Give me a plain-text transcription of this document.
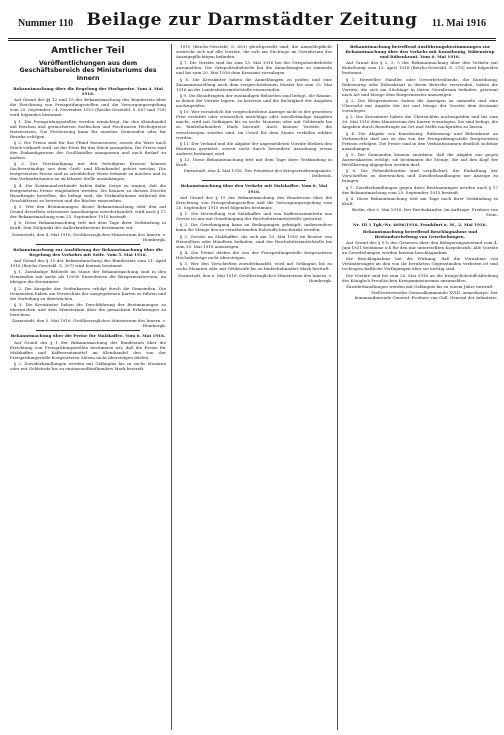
Nummer 110 Beilage zur Darmstädter Zeitung	11. Mai 1916
Amtlicher Teil
Veröffentlichungen aus dem Geschäftsbereich des Ministeriums des Innern

Bekanntmachung über die Regelung der Fischpreise. Vom 4. Mai 1916.

Auf Grund der §§ 12 und 15 der Bekanntmachung des Bundesrats über die Errichtung von Preisprüfungsstellen und die Versorgungsregelung vom 25. September / 4. November 1915 (Reichs-Gesetzbl. S. 607 und 728) wird folgendes bestimmt:

§ 1. Die Preisprüfungsstellen werden ermächtigt, für den Kleinhandel mit frischen und geräucherten Seefischen und Fischwaren Höchstpreise festzusetzen. Die Festsetzung kann für einzelne Gemeinden oder für Bezirke erfolgen.

§ 2. Die Preise sind für das Pfund festzusetzen; soweit die Ware nach Stück verkauft wird, ist der Preis für das Stück anzugeben. Die Preise sind den Einkaufspreisen der Großhändler anzupassen und nach Bedarf zu ändern.

§ 3. Zur Verständigung mit den beteiligten Kreisen können Sachverständige aus dem Groß- und Kleinhandel gehört werden. Die festgesetzten Preise sind in ortsüblicher Weise bekannt zu machen und in den Verkaufsräumen an sichtbarer Stelle auszuhängen.

§ 4. Die Kommunalverbände haben dafür Sorge zu tragen, daß die festgesetzten Preise eingehalten werden. Sie können zu diesem Zwecke Beauftragte bestellen, die befugt sind, die Verkaufsräume während der Geschäftszeit zu betreten und die Bücher einzusehen.

§ 5. Wer den Bestimmungen dieser Bekanntmachung oder den auf Grund derselben erlassenen Anordnungen zuwiderhandelt, wird nach § 17 der Bekanntmachung vom 25. September 1915 bestraft.

§ 6. Diese Bekanntmachung tritt mit dem Tage ihrer Verkündung in Kraft. Den Zeitpunkt des Außerkrafttretens bestimmen wir.

Darmstadt, den 4. Mai 1916. Großherzogliches Ministerium des Innern. v. Hombergk.

Bekanntmachung zur Ausführung der Bekanntmachung über die Regelung des Verkehrs mit Seife. Vom 5. Mai 1916.

Auf Grund des § 15 der Bekanntmachung des Bundesrats vom 21. April 1916 (Reichs-Gesetzbl. S. 307) wird hiermit bestimmt:

§ 1. Zuständige Behörde im Sinne der Bekanntmachung sind in den Gemeinden mit mehr als 10000 Einwohnern die Bürgermeistereien, im übrigen die Kreisämter.

§ 2. Die Ausgabe der Seifenkarten erfolgt durch die Gemeinden. Die Gemeinden haben ein Verzeichnis der ausgegebenen Karten zu führen und die Verteilung zu überwachen.

§ 3. Die Kreisämter haben die Durchführung der Bestimmungen zu überwachen und dem Ministerium über die gemachten Erfahrungen zu berichten.

Darmstadt, den 5. Mai 1916. Großherzogliches Ministerium des Innern. v. Hombergk.

Bekanntmachung über die Preise für Malzkaffee. Vom 6. Mai 1916.

Auf Grund des § 1 der Bekanntmachung des Bundesrats über die Errichtung von Preisprüfungsstellen bestimmen wir, daß die Preise für Malzkaffee und Kaffeersatzmittel im Kleinhandel den von der Preisprüfungsstelle festgesetzten Sätzen nicht übersteigen dürfen.

§ 2. Zuwiderhandlungen werden mit Gefängnis bis zu sechs Monaten oder mit Geldstrafe bis zu eintausendfünfhundert Mark bestraft.

1915 (Reichs-Gesetzbl. S. 603) gleichgestellt sind; die Anmeldepflicht erstreckt sich auf alle Vorräte, die sich am Stichtage im Gewahrsam des Anzeigepflichtigen befinden.

§ 7. Die Vorräte sind bis zum 15. Mai 1916 bei der Ortspolizeibehörde anzumelden. Die Ortspolizeibehörde hat die Anmeldungen zu sammeln und bis zum 20. Mai 1916 dem Kreisamt vorzulegen.

§ 8. Die Kreisämter haben die Anmeldungen zu prüfen und eine Zusammenstellung nach dem vorgeschriebenen Muster bis zum 25. Mai 1916 an die Landesfuttermittelstelle einzusenden.

§ 9. Die Beauftragten der zuständigen Behörden sind befugt, die Räume, in denen die Vorräte lagern, zu betreten und die Richtigkeit der Angaben nachzuprüfen.

§ 10. Wer vorsätzlich die vorgeschriebene Anzeige nicht in der gesetzten Frist erstattet oder wissentlich unrichtige oder unvollständige Angaben macht, wird mit Gefängnis bis zu sechs Monaten oder mit Geldstrafe bis zu fünfzehnhundert Mark bestraft. Auch können Vorräte, die verschwiegen worden sind, im Urteil für dem Staate verfallen erklärt werden.

§ 11. Der Verkauf und die Abgabe der angemeldeten Vorräte bleiben den Besitzern gestattet, soweit nicht durch besondere Anordnung etwas anderes bestimmt wird.

§ 12. Diese Bekanntmachung tritt mit dem Tage ihrer Verkündung in Kraft.

Darmstadt, den 4. Mai 1916. Der Präsident des Kriegsernährungsamts. Delbrück.

Bekanntmachung über den Verkehr mit Malzkaffee. Vom 6. Mai 1916.

Auf Grund des § 15 der Bekanntmachung des Bundesrats über die Errichtung von Preisprüfungsstellen und die Versorgungsregelung vom 25. September 1915 wird folgendes bestimmt:

§ 1. Die Herstellung von Malzkaffee und von Kaffeersatzmitteln aus Gerste ist nur mit Genehmigung der Reichsfuttermittelstelle gestattet.

§ 2. Die Genehmigung kann an Bedingungen geknüpft, insbesondere kann die Menge des zu verarbeitenden Rohstoffs beschränkt werden.

§ 3. Vorräte an Malzkaffee, die sich am 15. Mai 1916 im Besitze von Herstellern oder Händlern befinden, sind der Reichsfuttermittelstelle bis zum 20. Mai 1916 anzuzeigen.

§ 4. Die Preise dürfen die von der Preisprüfungsstelle festgesetzten Höchstbeträge nicht übersteigen.

§ 5. Wer den Vorschriften zuwiderhandelt, wird mit Gefängnis bis zu sechs Monaten oder mit Geldstrafe bis zu fünfzehnhundert Mark bestraft.

Darmstadt, den 6. Mai 1916. Großherzogliches Ministerium des Innern. v. Hombergk.

Bekanntmachung betreffend Ausführungsbestimmungen zur Bekanntmachung über den Verkehr mit Kunsthonig, Rübensirup und Rübenkraut. Vom 6. Mai 1916.

Auf Grund des § 2, 3, 5 der Bekanntmachung über den Verkehr mit Kunsthonig vom 13. April 1916 (Reichs-Gesetzbl. S. 270) wird folgendes bestimmt:

§ 1. Hersteller, Händler oder Gewerbetreibende, die Kunsthonig, Rübensirup oder Rübenkraut in ihrem Betriebe verwenden, haben die Vorräte, die sich am Stichtage in ihrem Gewahrsam befinden, getrennt nach Art und Menge dem Bürgermeister anzuzeigen.

§ 2. Die Bürgermeister haben die Anzeigen zu sammeln und eine Übersicht mit Angabe der Art und Menge der Vorräte dem Kreisamt vorzulegen.

§ 3. Die Kreisämter haben die Übersichten nachzuprüfen und bis zum 30. Mai 1916 dem Ministerium des Innern vorzulegen. Sie sind befugt, die Angaben durch Beauftragte an Ort und Stelle nachprüfen zu lassen.

§ 4. Die Abgabe von Kunsthonig, Rübensirup und Rübenkraut an Verbraucher darf nur zu den von der Preisprüfungsstelle festgesetzten Preisen erfolgen. Die Preise sind in den Verkaufsräumen deutlich sichtbar auszuhängen.

§ 5. Die Gemeinden können anordnen, daß die Abgabe nur gegen Ausweiskarten erfolgt; sie bestimmen die Menge, die auf den Kopf der Bevölkerung abgegeben werden darf.

§ 6. Die Polizeibehörden sind verpflichtet, die Einhaltung der Vorschriften zu überwachen und Zuwiderhandlungen zur Anzeige zu bringen.

§ 7. Zuwiderhandlungen gegen diese Bestimmungen werden nach § 17 der Bekanntmachung vom 25. September 1915 bestraft.

§ 8. Diese Bekanntmachung tritt am Tage nach ihrer Verkündung in Kraft.

Berlin, den 5. Mai 1916. Der Reichskanzler. Im Auftrage: Freiherr von Stein.

Nr. III 1 Tgb.-Nr. 4696/1916. Frankfurt a. M., 2. Mai 1916.

Bekanntmachung betreffend Beschlagnahme und Bestandserhebung von Gewebelumpen.

Auf Grund des § 9 b des Gesetzes über den Belagerungszustand vom 4. Juni 1851 bestimme ich für den mir unterstellten Korpsbezirk: Alle Vorräte an Gewebelumpen werden hiermit beschlagnahmt.

Die Beschlagnahme hat die Wirkung, daß die Vornahme von Veränderungen an den von ihr berührten Gegenständen verboten ist und rechtsgeschäftliche Verfügungen über sie nichtig sind.

Die Vorräte sind bis zum 20. Mai 1916 an die Kriegs-Rohstoff-Abteilung des Königlich Preußischen Kriegsministeriums anzumelden.

Zuwiderhandlungen werden mit Gefängnis bis zu einem Jahre bestraft.

Stellvertretendes Generalkommando XVIII. Armeekorps. Der kommandierende General: Freiherr von Gall, General der Infanterie.
